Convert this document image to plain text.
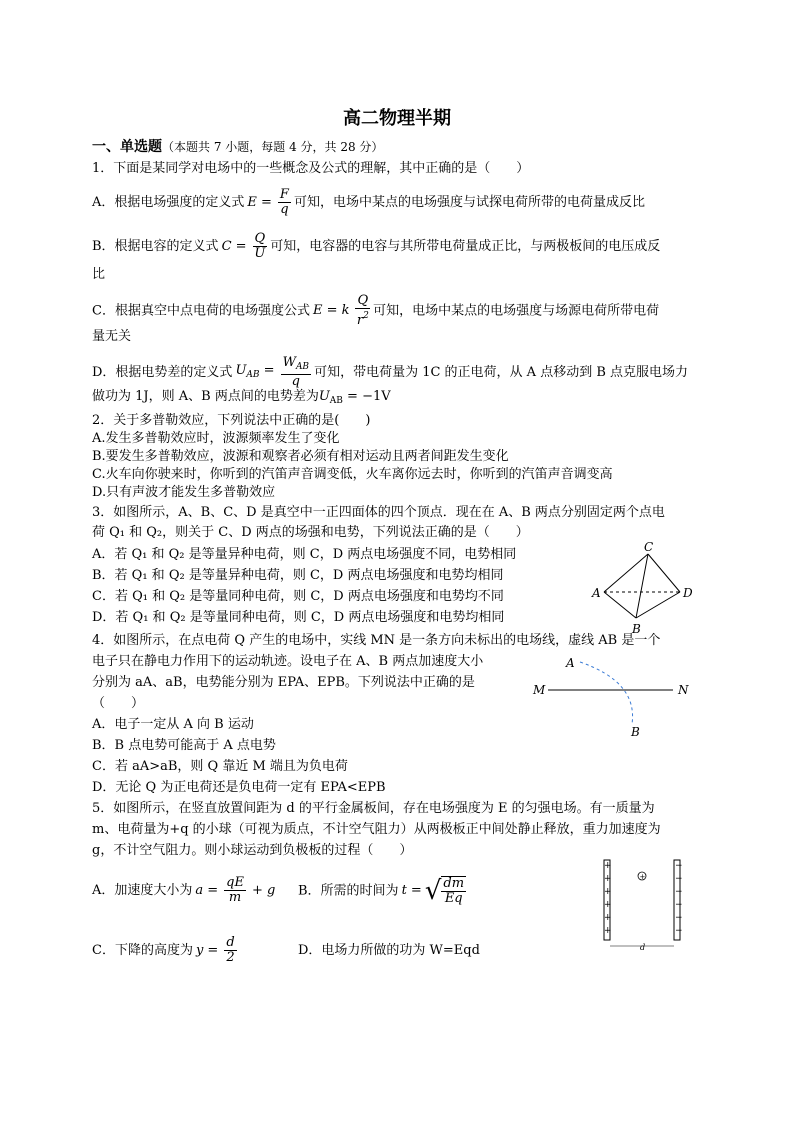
高二物理半期
一、单选题（本题共 7 小题，每题 4 分，共 28 分）
1．下面是某同学对电场中的一些概念及公式的理解，其中正确的是（　　）
A．根据电场强度的定义式 $E = \frac{F}{q}$ 可知，电场中某点的电场强度与试探电荷所带的电荷量成反比
B．根据电容的定义式 $C = \frac{Q}{U}$ 可知，电容器的电容与其所带电荷量成正比，与两极板间的电压成反
比
C．根据真空中点电荷的电场强度公式 E = k $\frac{Q}{r^2}$ 可知，电场中某点的电场强度与场源电荷所带电荷
量无关
D．根据电势差的定义式 $U_{AB} = \frac{W_{AB}}{q}$ 可知，带电荷量为 1C 的正电荷，从 A 点移动到 B 点克服电场力
做功为 1J，则 A、B 两点间的电势差为$U_{AB} = -1V$
2．关于多普勒效应，下列说法中正确的是(　　)
A.发生多普勒效应时，波源频率发生了变化
B.要发生多普勒效应，波源和观察者必须有相对运动且两者间距发生变化
C.火车向你驶来时，你听到的汽笛声音调变低，火车离你远去时，你听到的汽笛声音调变高
D.只有声波才能发生多普勒效应
3．如图所示，A、B、C、D 是真空中一正四面体的四个顶点．现在在 A、B 两点分别固定两个点电
荷 Q₁ 和 Q₂，则关于 C、D 两点的场强和电势，下列说法正确的是（　　）
A．若 Q₁ 和 Q₂ 是等量异种电荷，则 C，D 两点电场强度不同，电势相同
B．若 Q₁ 和 Q₂ 是等量异种电荷，则 C，D 两点电场强度和电势均相同
C．若 Q₁ 和 Q₂ 是等量同种电荷，则 C，D 两点电场强度和电势均不同
D．若 Q₁ 和 Q₂ 是等量同种电荷，则 C，D 两点电场强度和电势均相同
C
A	D
B
4．如图所示，在点电荷 Q 产生的电场中，实线 MN 是一条方向未标出的电场线，虚线 AB 是一个
电子只在静电力作用下的运动轨迹。设电子在 A、B 两点加速度大小
分别为 aA、aB，电势能分别为 EPA、EPB。下列说法中正确的是
（　　）
A．电子一定从 A 向 B 运动
B．B 点电势可能高于 A 点电势
C．若 aA>aB，则 Q 靠近 M 端且为负电荷
D．无论 Q 为正电荷还是负电荷一定有 EPA<EPB
A
M	N
B
5．如图所示，在竖直放置间距为 d 的平行金属板间，存在电场强度为 E 的匀强电场。有一质量为
m、电荷量为+q 的小球（可视为质点，不计空气阻力）从两极板正中间处静止释放，重力加速度为
g，不计空气阻力。则小球运动到负极板的过程（　　）
A．加速度大小为 $a = \frac{qE}{m} + g$ B．所需的时间为 t = √ $\frac{dm}{Eq}$
C．下降的高度为 $y = \frac{d}{2}$	D．电场力所做的功为 W=Eqd
+
+
+
+
+
+
−
−
−
−
−
−
+
d
